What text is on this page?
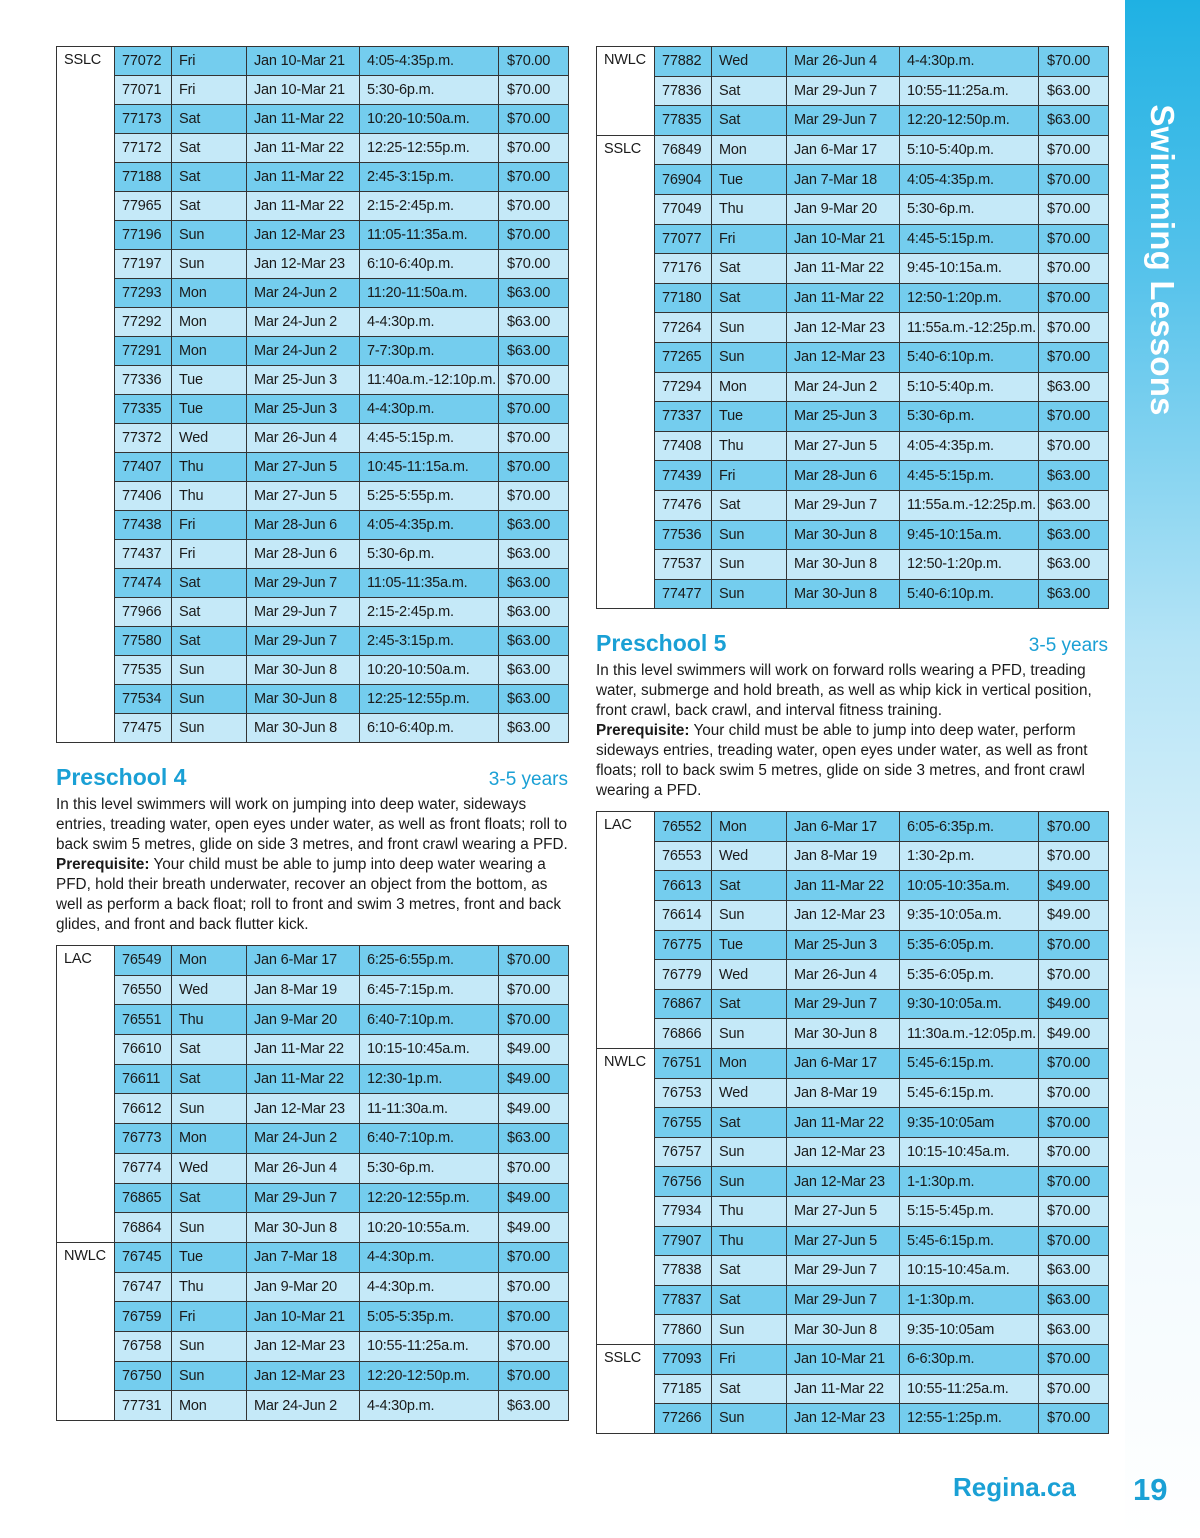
Swimming Lessons
SSLC	77072	Fri	Jan 10-Mar 21	4:05-4:35p.m.	$70.00
	77071	Fri	Jan 10-Mar 21	5:30-6p.m.	$70.00
	77173	Sat	Jan 11-Mar 22	10:20-10:50a.m.	$70.00
	77172	Sat	Jan 11-Mar 22	12:25-12:55p.m.	$70.00
	77188	Sat	Jan 11-Mar 22	2:45-3:15p.m.	$70.00
	77965	Sat	Jan 11-Mar 22	2:15-2:45p.m.	$70.00
	77196	Sun	Jan 12-Mar 23	11:05-11:35a.m.	$70.00
	77197	Sun	Jan 12-Mar 23	6:10-6:40p.m.	$70.00
	77293	Mon	Mar 24-Jun 2	11:20-11:50a.m.	$63.00
	77292	Mon	Mar 24-Jun 2	4-4:30p.m.	$63.00
	77291	Mon	Mar 24-Jun 2	7-7:30p.m.	$63.00
	77336	Tue	Mar 25-Jun 3	11:40a.m.-12:10p.m.	$70.00
	77335	Tue	Mar 25-Jun 3	4-4:30p.m.	$70.00
	77372	Wed	Mar 26-Jun 4	4:45-5:15p.m.	$70.00
	77407	Thu	Mar 27-Jun 5	10:45-11:15a.m.	$70.00
	77406	Thu	Mar 27-Jun 5	5:25-5:55p.m.	$70.00
	77438	Fri	Mar 28-Jun 6	4:05-4:35p.m.	$63.00
	77437	Fri	Mar 28-Jun 6	5:30-6p.m.	$63.00
	77474	Sat	Mar 29-Jun 7	11:05-11:35a.m.	$63.00
	77966	Sat	Mar 29-Jun 7	2:15-2:45p.m.	$63.00
	77580	Sat	Mar 29-Jun 7	2:45-3:15p.m.	$63.00
	77535	Sun	Mar 30-Jun 8	10:20-10:50a.m.	$63.00
	77534	Sun	Mar 30-Jun 8	12:25-12:55p.m.	$63.00
	77475	Sun	Mar 30-Jun 8	6:10-6:40p.m.	$63.00
Preschool 4	3-5 years
In this level swimmers will work on jumping into deep water, sideways entries, treading water, open eyes under water, as well as front floats; roll to back swim 5 metres, glide on side 3 metres, and front crawl wearing a PFD.
Prerequisite: Your child must be able to jump into deep water wearing a PFD, hold their breath underwater, recover an object from the bottom, as well as perform a back float; roll to front and swim 3 metres, front and back glides, and front and back flutter kick.
LAC	76549	Mon	Jan 6-Mar 17	6:25-6:55p.m.	$70.00
	76550	Wed	Jan 8-Mar 19	6:45-7:15p.m.	$70.00
	76551	Thu	Jan 9-Mar 20	6:40-7:10p.m.	$70.00
	76610	Sat	Jan 11-Mar 22	10:15-10:45a.m.	$49.00
	76611	Sat	Jan 11-Mar 22	12:30-1p.m.	$49.00
	76612	Sun	Jan 12-Mar 23	11-11:30a.m.	$49.00
	76773	Mon	Mar 24-Jun 2	6:40-7:10p.m.	$63.00
	76774	Wed	Mar 26-Jun 4	5:30-6p.m.	$70.00
	76865	Sat	Mar 29-Jun 7	12:20-12:55p.m.	$49.00
	76864	Sun	Mar 30-Jun 8	10:20-10:55a.m.	$49.00
NWLC	76745	Tue	Jan 7-Mar 18	4-4:30p.m.	$70.00
	76747	Thu	Jan 9-Mar 20	4-4:30p.m.	$70.00
	76759	Fri	Jan 10-Mar 21	5:05-5:35p.m.	$70.00
	76758	Sun	Jan 12-Mar 23	10:55-11:25a.m.	$70.00
	76750	Sun	Jan 12-Mar 23	12:20-12:50p.m.	$70.00
	77731	Mon	Mar 24-Jun 2	4-4:30p.m.	$63.00
NWLC	77882	Wed	Mar 26-Jun 4	4-4:30p.m.	$70.00
	77836	Sat	Mar 29-Jun 7	10:55-11:25a.m.	$63.00
	77835	Sat	Mar 29-Jun 7	12:20-12:50p.m.	$63.00
SSLC	76849	Mon	Jan 6-Mar 17	5:10-5:40p.m.	$70.00
	76904	Tue	Jan 7-Mar 18	4:05-4:35p.m.	$70.00
	77049	Thu	Jan 9-Mar 20	5:30-6p.m.	$70.00
	77077	Fri	Jan 10-Mar 21	4:45-5:15p.m.	$70.00
	77176	Sat	Jan 11-Mar 22	9:45-10:15a.m.	$70.00
	77180	Sat	Jan 11-Mar 22	12:50-1:20p.m.	$70.00
	77264	Sun	Jan 12-Mar 23	11:55a.m.-12:25p.m.	$70.00
	77265	Sun	Jan 12-Mar 23	5:40-6:10p.m.	$70.00
	77294	Mon	Mar 24-Jun 2	5:10-5:40p.m.	$63.00
	77337	Tue	Mar 25-Jun 3	5:30-6p.m.	$70.00
	77408	Thu	Mar 27-Jun 5	4:05-4:35p.m.	$70.00
	77439	Fri	Mar 28-Jun 6	4:45-5:15p.m.	$63.00
	77476	Sat	Mar 29-Jun 7	11:55a.m.-12:25p.m.	$63.00
	77536	Sun	Mar 30-Jun 8	9:45-10:15a.m.	$63.00
	77537	Sun	Mar 30-Jun 8	12:50-1:20p.m.	$63.00
	77477	Sun	Mar 30-Jun 8	5:40-6:10p.m.	$63.00
Preschool 5	3-5 years
In this level swimmers will work on forward rolls wearing a PFD, treading water, submerge and hold breath, as well as whip kick in vertical position, front crawl, back crawl, and interval fitness training.
Prerequisite: Your child must be able to jump into deep water, perform sideways entries, treading water, open eyes under water, as well as front floats; roll to back swim 5 metres, glide on side 3 metres, and front crawl wearing a PFD.
LAC	76552	Mon	Jan 6-Mar 17	6:05-6:35p.m.	$70.00
	76553	Wed	Jan 8-Mar 19	1:30-2p.m.	$70.00
	76613	Sat	Jan 11-Mar 22	10:05-10:35a.m.	$49.00
	76614	Sun	Jan 12-Mar 23	9:35-10:05a.m.	$49.00
	76775	Tue	Mar 25-Jun 3	5:35-6:05p.m.	$70.00
	76779	Wed	Mar 26-Jun 4	5:35-6:05p.m.	$70.00
	76867	Sat	Mar 29-Jun 7	9:30-10:05a.m.	$49.00
	76866	Sun	Mar 30-Jun 8	11:30a.m.-12:05p.m.	$49.00
NWLC	76751	Mon	Jan 6-Mar 17	5:45-6:15p.m.	$70.00
	76753	Wed	Jan 8-Mar 19	5:45-6:15p.m.	$70.00
	76755	Sat	Jan 11-Mar 22	9:35-10:05am	$70.00
	76757	Sun	Jan 12-Mar 23	10:15-10:45a.m.	$70.00
	76756	Sun	Jan 12-Mar 23	1-1:30p.m.	$70.00
	77934	Thu	Mar 27-Jun 5	5:15-5:45p.m.	$70.00
	77907	Thu	Mar 27-Jun 5	5:45-6:15p.m.	$70.00
	77838	Sat	Mar 29-Jun 7	10:15-10:45a.m.	$63.00
	77837	Sat	Mar 29-Jun 7	1-1:30p.m.	$63.00
	77860	Sun	Mar 30-Jun 8	9:35-10:05am	$63.00
SSLC	77093	Fri	Jan 10-Mar 21	6-6:30p.m.	$70.00
	77185	Sat	Jan 11-Mar 22	10:55-11:25a.m.	$70.00
	77266	Sun	Jan 12-Mar 23	12:55-1:25p.m.	$70.00
Regina.ca 19
